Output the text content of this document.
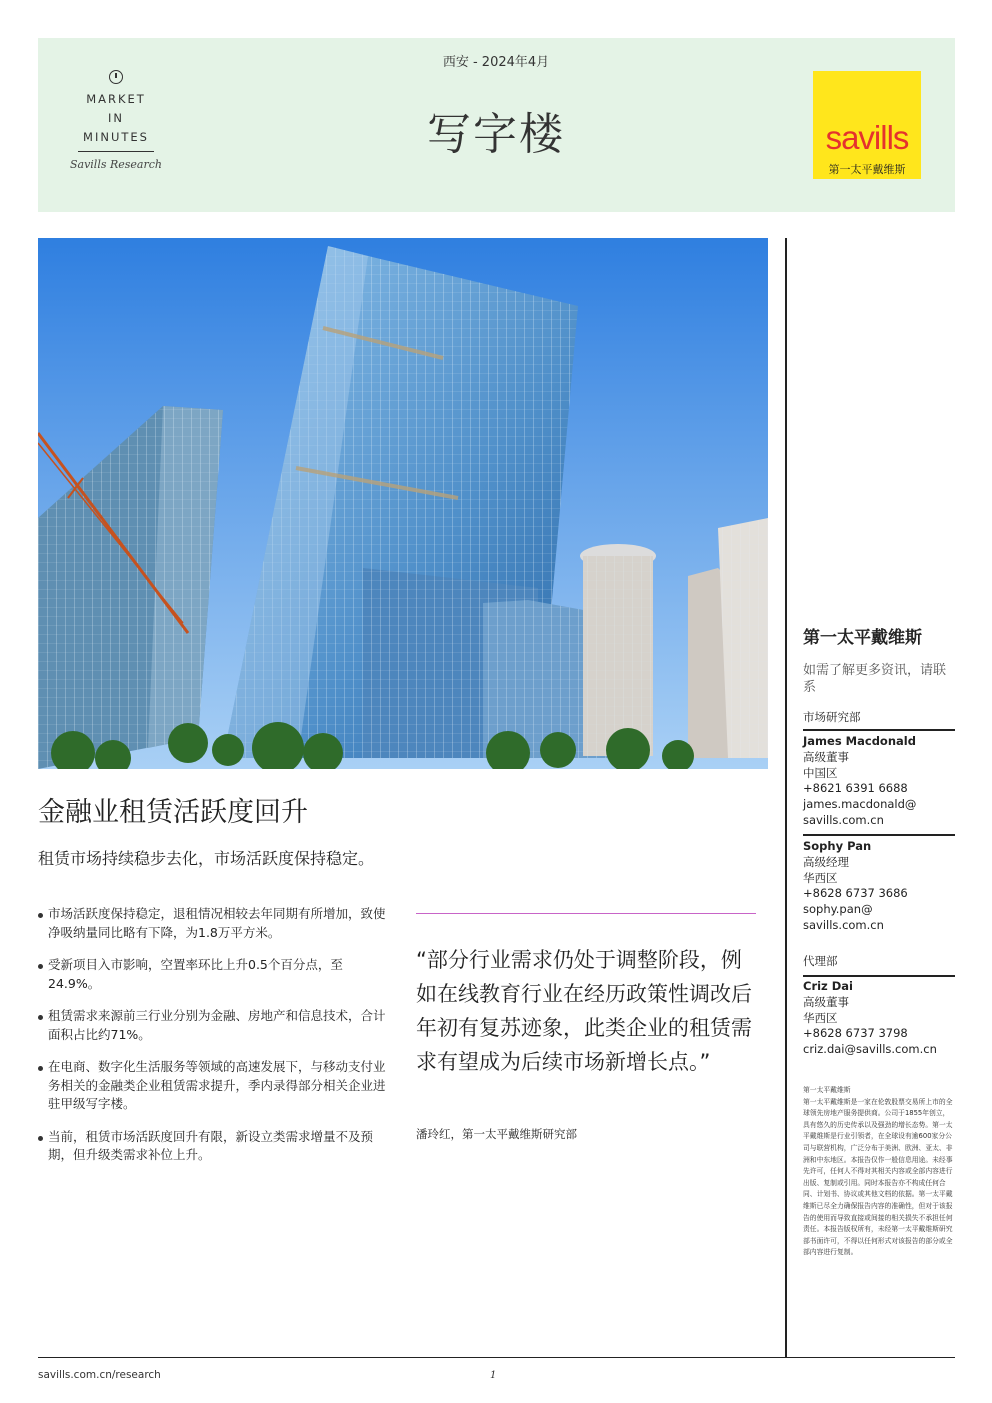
MARKET
IN
MINUTES
Savills Research
西安 - 2024年4月
写字楼	savills
第一太平戴维斯
金融业租赁活跃度回升
租赁市场持续稳步去化，市场活跃度保持稳定。
市场活跃度保持稳定，退租情况相较去年同期有所增加，致使净吸纳量同比略有下降，为1.8万平方米。
受新项目入市影响，空置率环比上升0.5个百分点，至24.9%。
租赁需求来源前三行业分别为金融、房地产和信息技术，合计面积占比约71%。
在电商、数字化生活服务等领域的高速发展下，与移动支付业务相关的金融类企业租赁需求提升，季内录得部分相关企业进驻甲级写字楼。
当前，租赁市场活跃度回升有限，新设立类需求增量不及预期，但升级类需求补位上升。
“部分行业需求仍处于调整阶段，例如在线教育行业在经历政策性调改后年初有复苏迹象，此类企业的租赁需求有望成为后续市场新增长点。”
潘玲红，第一太平戴维斯研究部
第一太平戴维斯
如需了解更多资讯，请联系
市场研究部
James Macdonald
高级董事
中国区
+8621 6391 6688
james.macdonald@
savills.com.cn
Sophy Pan
高级经理
华西区
+8628 6737 3686
sophy.pan@
savills.com.cn
代理部
Criz Dai
高级董事
华西区
+8628 6737 3798
criz.dai@savills.com.cn
第一太平戴维斯
第一太平戴维斯是一家在伦敦股票交易所上市的全球领先房地产服务提供商。公司于1855年创立，具有悠久的历史传承以及强劲的增长态势。第一太平戴维斯是行业引领者，在全球设有逾600家分公司与联营机构，广泛分布于美洲、欧洲、亚太、非洲和中东地区。本报告仅作一般信息用途。未经事先许可，任何人不得对其相关内容或全部内容进行出版、复制或引用。同时本报告亦不构成任何合同、计划书、协议或其他文档的依据。第一太平戴维斯已尽全力确保报告内容的准确性，但对于该报告的使用而导致直接或间接的相关损失不承担任何责任。本报告版权所有，未经第一太平戴维斯研究部书面许可，不得以任何形式对该报告的部分或全部内容进行复制。
savills.com.cn/research	1
